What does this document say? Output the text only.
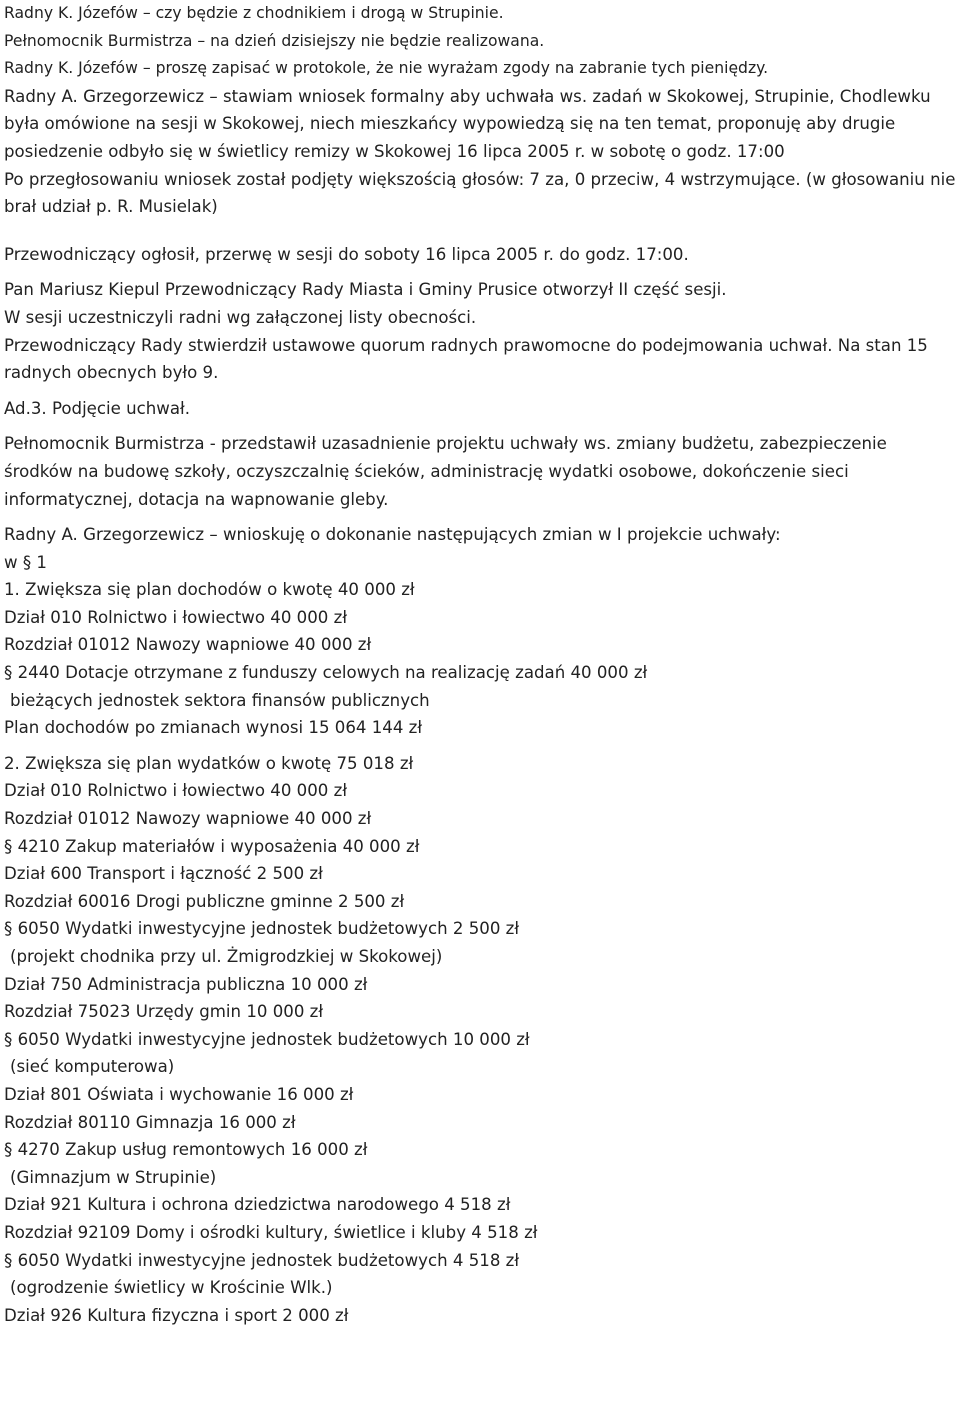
Radny K. Józefów – czy będzie z chodnikiem i drogą w Strupinie.

Pełnomocnik Burmistrza – na dzień dzisiejszy nie będzie realizowana.

Radny K. Józefów – proszę zapisać w protokole, że nie wyrażam zgody na zabranie tych pieniędzy.

Radny A. Grzegorzewicz – stawiam wniosek formalny aby uchwała ws. zadań w Skokowej, Strupinie, Chodlewku była omówione na sesji w Skokowej, niech mieszkańcy wypowiedzą się na ten temat, proponuję aby drugie posiedzenie odbyło się w świetlicy remizy w Skokowej 16 lipca 2005 r. w sobotę o godz. 17:00

Po przegłosowaniu wniosek został podjęty większością głosów: 7 za, 0 przeciw, 4 wstrzymujące. (w głosowaniu nie brał udział p. R. Musielak)

Przewodniczący ogłosił, przerwę w sesji do soboty 16 lipca 2005 r. do godz. 17:00.

Pan Mariusz Kiepul Przewodniczący Rady Miasta i Gminy Prusice otworzył II część sesji.

W sesji uczestniczyli radni wg załączonej listy obecności.

Przewodniczący Rady stwierdził ustawowe quorum radnych prawomocne do podejmowania uchwał. Na stan 15 radnych obecnych było 9.

Ad.3. Podjęcie uchwał.

Pełnomocnik Burmistrza - przedstawił uzasadnienie projektu uchwały ws. zmiany budżetu, zabezpieczenie środków na budowę szkoły, oczyszczalnię ścieków, administrację wydatki osobowe, dokończenie sieci informatycznej, dotacja na wapnowanie gleby.

Radny A. Grzegorzewicz – wnioskuję o dokonanie następujących zmian w I projekcie uchwały:

w § 1

1. Zwiększa się plan dochodów o kwotę 40 000 zł

Dział 010 Rolnictwo i łowiectwo 40 000 zł

Rozdział 01012 Nawozy wapniowe 40 000 zł

§ 2440 Dotacje otrzymane z funduszy celowych na realizację zadań 40 000 zł

bieżących jednostek sektora finansów publicznych

Plan dochodów po zmianach wynosi 15 064 144 zł

2. Zwiększa się plan wydatków o kwotę 75 018 zł

Dział 010 Rolnictwo i łowiectwo 40 000 zł

Rozdział 01012 Nawozy wapniowe 40 000 zł

§ 4210 Zakup materiałów i wyposażenia 40 000 zł

Dział 600 Transport i łączność 2 500 zł

Rozdział 60016 Drogi publiczne gminne 2 500 zł

§ 6050 Wydatki inwestycyjne jednostek budżetowych 2 500 zł

(projekt chodnika przy ul. Żmigrodzkiej w Skokowej)

Dział 750 Administracja publiczna 10 000 zł

Rozdział 75023 Urzędy gmin 10 000 zł

§ 6050 Wydatki inwestycyjne jednostek budżetowych 10 000 zł

(sieć komputerowa)

Dział 801 Oświata i wychowanie 16 000 zł

Rozdział 80110 Gimnazja 16 000 zł

§ 4270 Zakup usług remontowych 16 000 zł

(Gimnazjum w Strupinie)

Dział 921 Kultura i ochrona dziedzictwa narodowego 4 518 zł

Rozdział 92109 Domy i ośrodki kultury, świetlice i kluby 4 518 zł

§ 6050 Wydatki inwestycyjne jednostek budżetowych 4 518 zł

(ogrodzenie świetlicy w Krościnie Wlk.)

Dział 926 Kultura fizyczna i sport 2 000 zł
